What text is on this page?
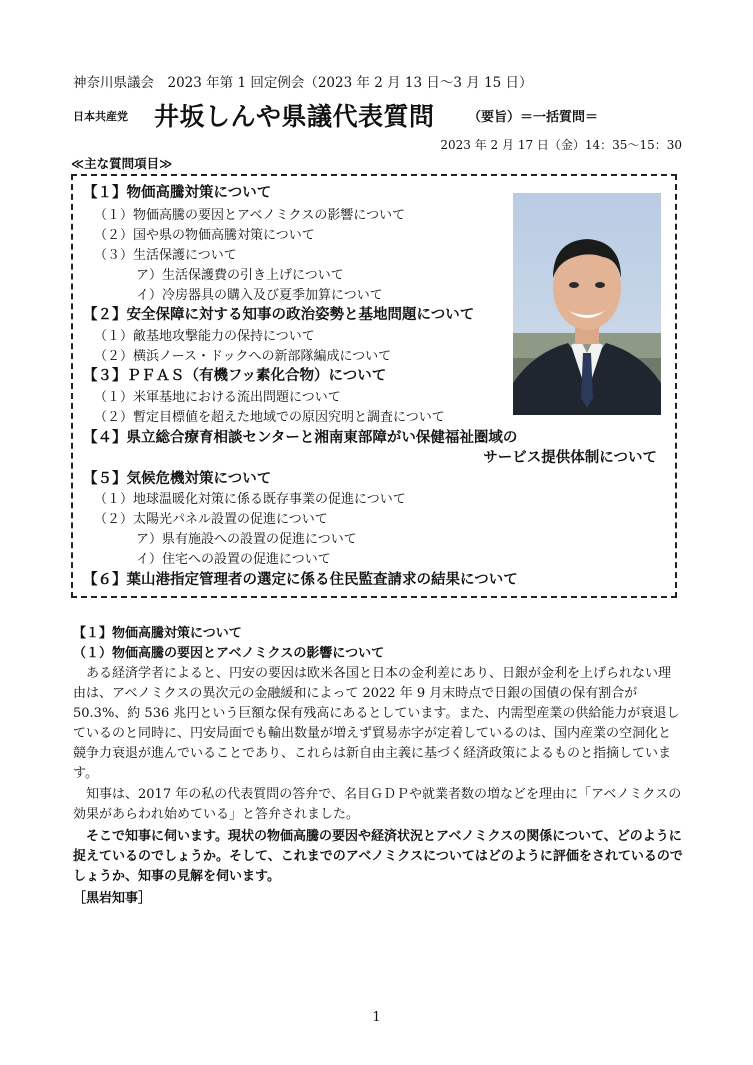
神奈川県議会　2023 年第 1 回定例会（2023 年 2 月 13 日～3 月 15 日）
日本共産党 井坂しんや県議代表質問	（要旨）＝一括質問＝
2023 年 2 月 17 日（金）14：35～15：30
≪主な質問項目≫
【１】物価高騰対策について
（１）物価高騰の要因とアベノミクスの影響について
（２）国や県の物価高騰対策について
（３）生活保護について
ア）生活保護費の引き上げについて
イ）冷房器具の購入及び夏季加算について
【２】安全保障に対する知事の政治姿勢と基地問題について
（１）敵基地攻撃能力の保持について
（２）横浜ノース・ドックへの新部隊編成について
【３】ＰＦＡＳ（有機フッ素化合物）について
（１）米軍基地における流出問題について
（２）暫定目標値を超えた地域での原因究明と調査について
【４】県立総合療育相談センターと湘南東部障がい保健福祉圏域の
サービス提供体制について
【５】気候危機対策について
（１）地球温暖化対策に係る既存事業の促進について
（２）太陽光パネル設置の促進について
ア）県有施設への設置の促進について
イ）住宅への設置の促進について
【６】葉山港指定管理者の選定に係る住民監査請求の結果について
【１】物価高騰対策について
（１）物価高騰の要因とアベノミクスの影響について
　ある経済学者によると、円安の要因は欧米各国と日本の金利差にあり、日銀が金利を上げられない理由は、アベノミクスの異次元の金融緩和によって 2022 年 9 月末時点で日銀の国債の保有割合が 50.3%、約 536 兆円という巨額な保有残高にあるとしています。また、内需型産業の供給能力が衰退しているのと同時に、円安局面でも輸出数量が増えず貿易赤字が定着しているのは、国内産業の空洞化と競争力衰退が進んでいることであり、これらは新自由主義に基づく経済政策によるものと指摘しています。
　知事は、2017 年の私の代表質問の答弁で、名目ＧＤＰや就業者数の増などを理由に「アベノミクスの効果があらわれ始めている」と答弁されました。
　そこで知事に伺います。現状の物価高騰の要因や経済状況とアベノミクスの関係について、どのように捉えているのでしょうか。そして、これまでのアベノミクスについてはどのように評価をされているのでしょうか、知事の見解を伺います。
［黒岩知事］
1
